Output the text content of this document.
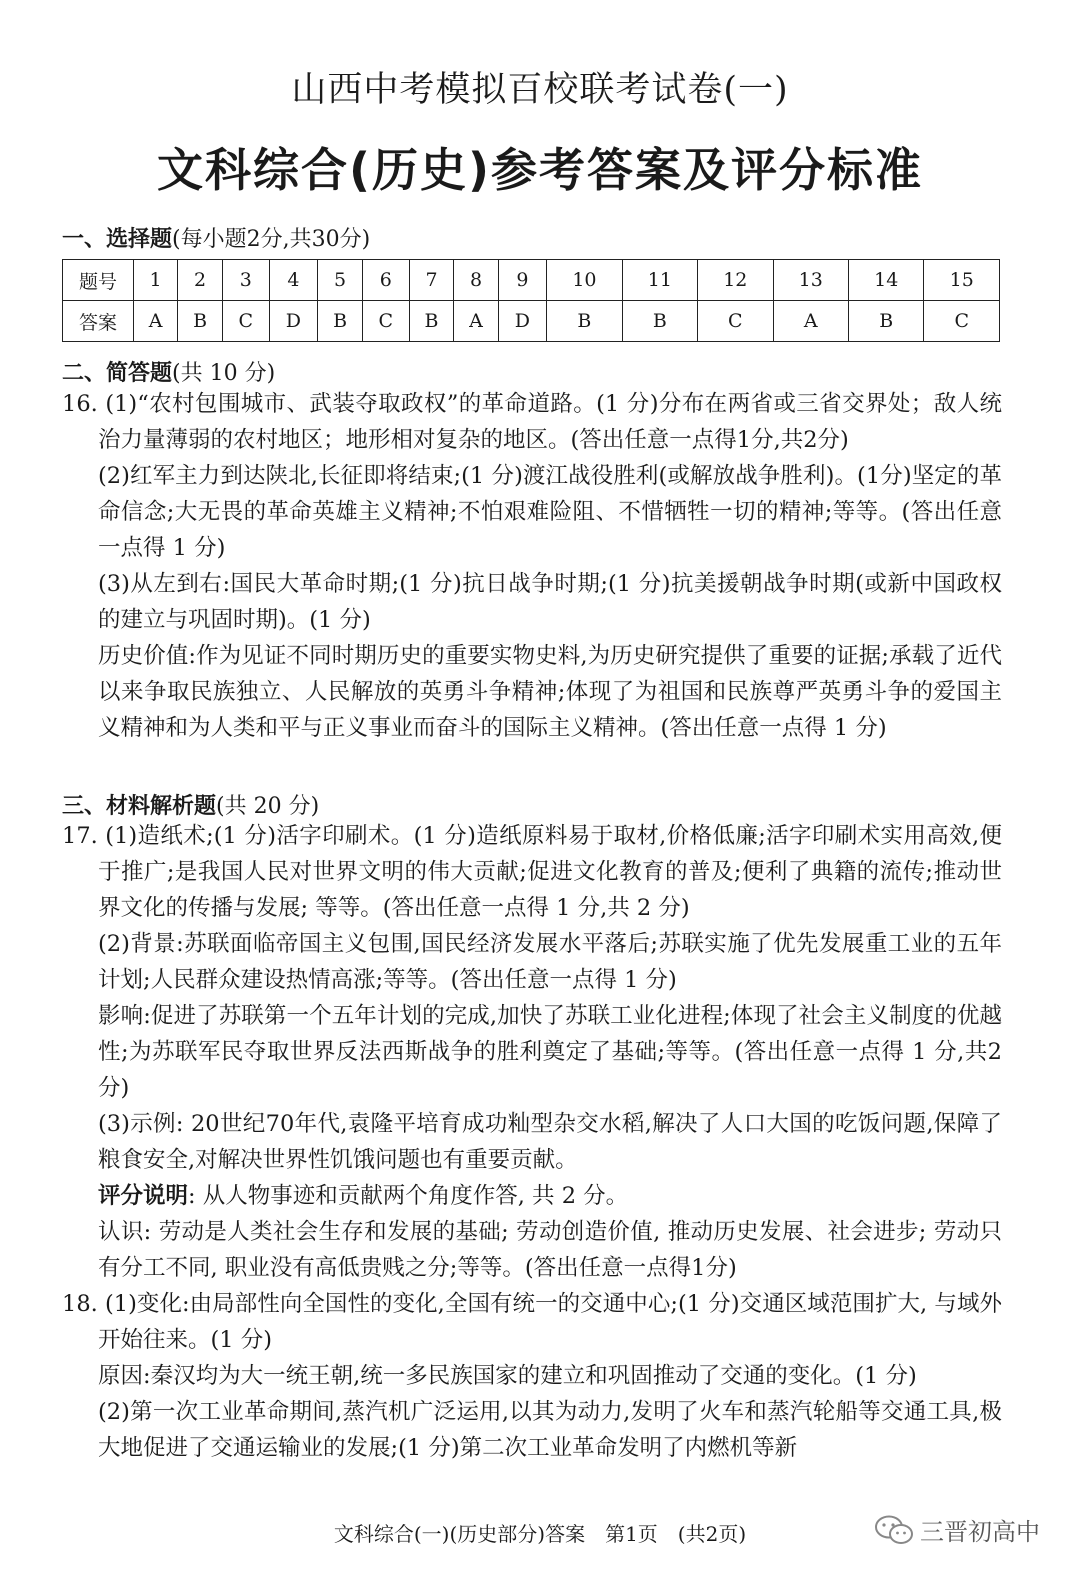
山西中考模拟百校联考试卷(一)
文科综合(历史)参考答案及评分标准
一、选择题(每小题2分,共30分)
题号	1	2	3	4	5	6	7	8	9	10	11	12	13	14	15
答案	A	B	C	D	B	C	B	A	D	B	B	C	A	B	C
二、简答题(共 10 分)

16. (1)“农村包围城市、武装夺取政权”的革命道路。(1 分)分布在两省或三省交界处；敌人统治力量薄弱的农村地区；地形相对复杂的地区。(答出任意一点得1分,共2分)

(2)红军主力到达陕北,长征即将结束;(1 分)渡江战役胜利(或解放战争胜利)。(1分)坚定的革命信念;大无畏的革命英雄主义精神;不怕艰难险阻、不惜牺牲一切的精神;等等。(答出任意一点得 1 分)

(3)从左到右:国民大革命时期;(1 分)抗日战争时期;(1 分)抗美援朝战争时期(或新中国政权的建立与巩固时期)。(1 分)

历史价值:作为见证不同时期历史的重要实物史料,为历史研究提供了重要的证据;承载了近代以来争取民族独立、人民解放的英勇斗争精神;体现了为祖国和民族尊严英勇斗争的爱国主义精神和为人类和平与正义事业而奋斗的国际主义精神。(答出任意一点得 1 分)

三、材料解析题(共 20 分)

17. (1)造纸术;(1 分)活字印刷术。(1 分)造纸原料易于取材,价格低廉;活字印刷术实用高效,便于推广;是我国人民对世界文明的伟大贡献;促进文化教育的普及;便利了典籍的流传;推动世界文化的传播与发展; 等等。(答出任意一点得 1 分,共 2 分)

(2)背景:苏联面临帝国主义包围,国民经济发展水平落后;苏联实施了优先发展重工业的五年计划;人民群众建设热情高涨;等等。(答出任意一点得 1 分)

影响:促进了苏联第一个五年计划的完成,加快了苏联工业化进程;体现了社会主义制度的优越性;为苏联军民夺取世界反法西斯战争的胜利奠定了基础;等等。(答出任意一点得 1 分,共2分)

(3)示例: 20世纪70年代,袁隆平培育成功籼型杂交水稻,解决了人口大国的吃饭问题,保障了粮食安全,对解决世界性饥饿问题也有重要贡献。

评分说明: 从人物事迹和贡献两个角度作答, 共 2 分。

认识: 劳动是人类社会生存和发展的基础; 劳动创造价值, 推动历史发展、社会进步; 劳动只有分工不同, 职业没有高低贵贱之分;等等。(答出任意一点得1分)

18. (1)变化:由局部性向全国性的变化,全国有统一的交通中心;(1 分)交通区域范围扩大, 与域外开始往来。(1 分)

原因:秦汉均为大一统王朝,统一多民族国家的建立和巩固推动了交通的变化。(1 分)

(2)第一次工业革命期间,蒸汽机广泛运用,以其为动力,发明了火车和蒸汽轮船等交通工具,极大地促进了交通运输业的发展;(1 分)第二次工业革命发明了内燃机等新

文科综合(一)(历史部分)答案　第1页　(共2页)	三晋初高中
